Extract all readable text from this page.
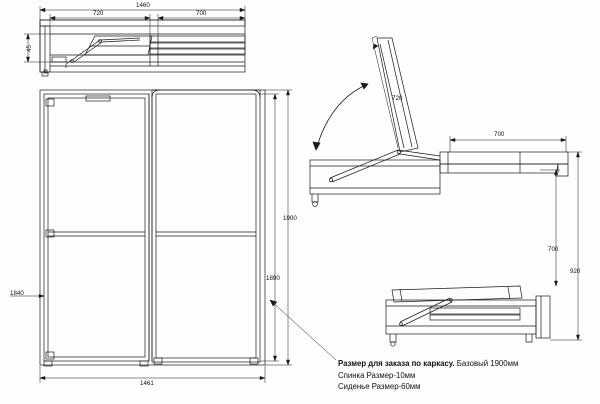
1460
720	700
45
1461
1840
1900
1890
720
700
700
920
Размер для заказа по каркасу. Базовый 1900мм
Спинка Размер-10мм
Сиденье Размер-60мм
